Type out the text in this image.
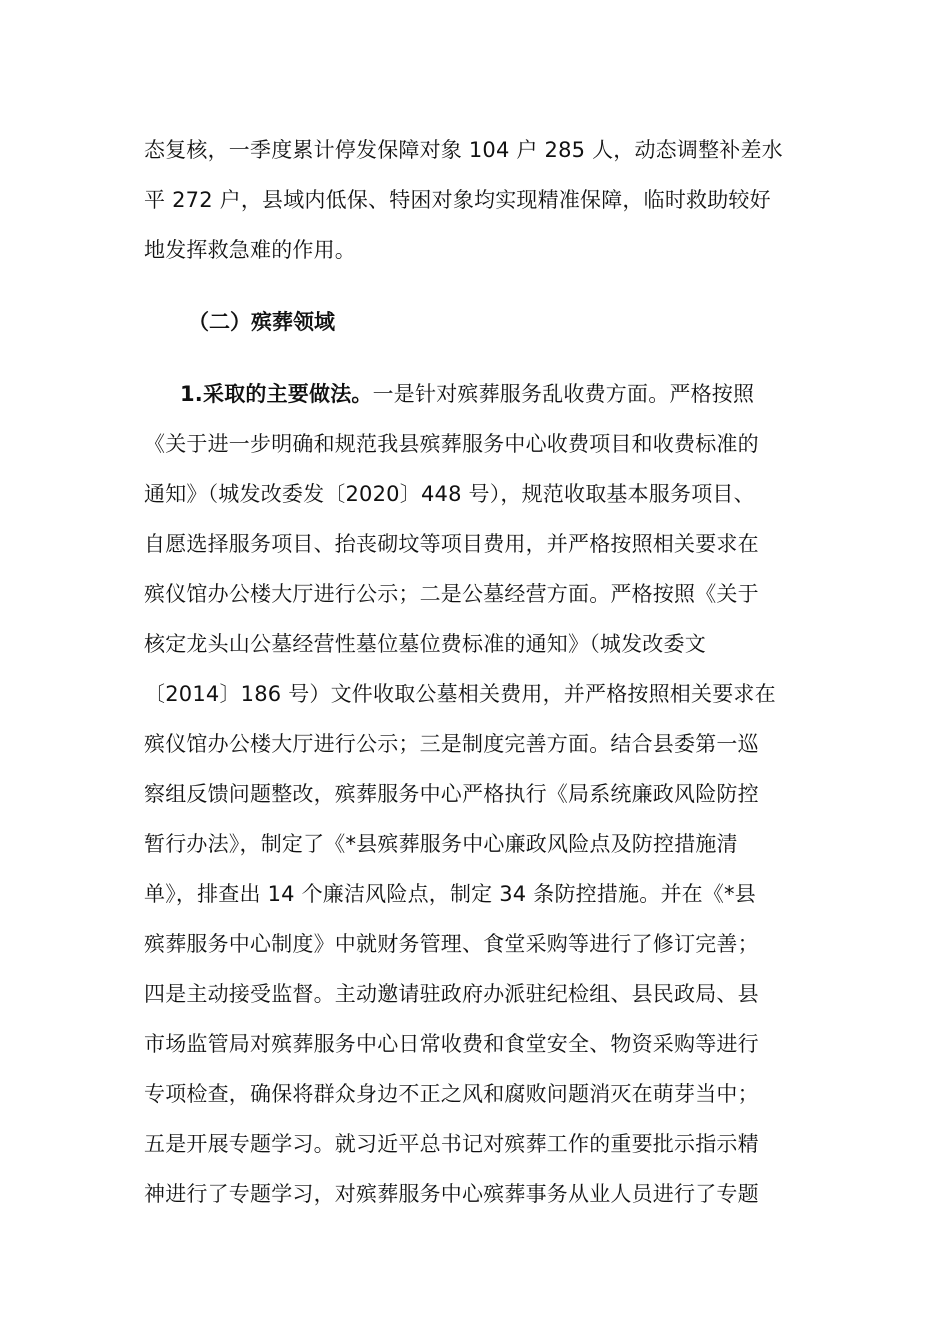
态复核，一季度累计停发保障对象 104 户 285 人，动态调整补差水
平 272 户，县域内低保、特困对象均实现精准保障，临时救助较好
地发挥救急难的作用。

（二）殡葬领域

1.采取的主要做法。一是针对殡葬服务乱收费方面。严格按照
《关于进一步明确和规范我县殡葬服务中心收费项目和收费标准的
通知》（城发改委发〔2020〕448 号），规范收取基本服务项目、
自愿选择服务项目、抬丧砌坟等项目费用，并严格按照相关要求在
殡仪馆办公楼大厅进行公示；二是公墓经营方面。严格按照《关于
核定龙头山公墓经营性墓位墓位费标准的通知》（城发改委文
〔2014〕186 号）文件收取公墓相关费用，并严格按照相关要求在
殡仪馆办公楼大厅进行公示；三是制度完善方面。结合县委第一巡
察组反馈问题整改，殡葬服务中心严格执行《局系统廉政风险防控
暂行办法》，制定了《*县殡葬服务中心廉政风险点及防控措施清
单》，排查出 14 个廉洁风险点，制定 34 条防控措施。并在《*县
殡葬服务中心制度》中就财务管理、食堂采购等进行了修订完善；
四是主动接受监督。主动邀请驻政府办派驻纪检组、县民政局、县
市场监管局对殡葬服务中心日常收费和食堂安全、物资采购等进行
专项检查，确保将群众身边不正之风和腐败问题消灭在萌芽当中；
五是开展专题学习。就习近平总书记对殡葬工作的重要批示指示精
神进行了专题学习，对殡葬服务中心殡葬事务从业人员进行了专题
